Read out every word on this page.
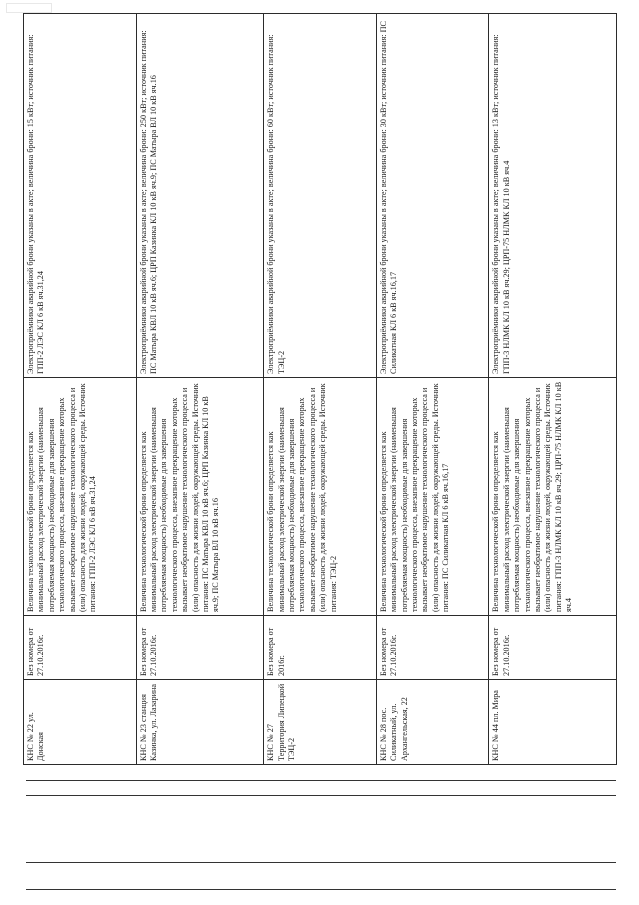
КНС № 22 ул. Донская	Без номера от 27.10.2016г.	Величина технологической брони определяется как минимальный расход электрической энергии (наименьшая потребляемая мощность) необходимые для завершения технологического процесса, внезапное прекращение которых вызывает необратимое нарушение технологического процесса и (или) опасность для жизни людей, окружающей среды. Источник питания: ГПП-2 ЛЭС КЛ 6 кВ яч.31,24	Электроприёмники аварийной брони указаны в акте; величина брони: 15 кВт; источник питания: ГПП-2 ЛЭС КЛ 6 кВ яч.31,24
КНС № 23 станция Казинка, ул. Лазарина	Без номера от 27.10.2016г.	Величина технологической брони определяется как минимальный расход электрической энергии (наименьшая потребляемая мощность) необходимые для завершения технологического процесса, внезапное прекращение которых вызывает необратимое нарушение технологического процесса и (или) опасность для жизни людей, окружающей среды. Источник питания: ПС Матыра КВЛ 10 кВ яч.6; ЦРП Казинка КЛ 10 кВ яч.9; ПС Матыра ВЛ 10 кВ яч.16	Электроприёмники аварийной брони указаны в акте; величина брони: 250 кВт; источник питания: ПС Матыра КВЛ 10 кВ яч.6; ЦРП Казинка КЛ 10 кВ яч.9; ПС Матыра ВЛ 10 кВ яч.16
КНС № 27 Территория Липецкой ТЭЦ-2	Без номера от 2016г.	Величина технологической брони определяется как минимальный расход электрической энергии (наименьшая потребляемая мощность) необходимые для завершения технологического процесса, внезапное прекращение которых вызывает необратимое нарушение технологического процесса и (или) опасность для жизни людей, окружающей среды. Источник питания: ТЭЦ-2	Электроприёмники аварийной брони указаны в акте; величина брони: 60 кВт; источник питания: ТЭЦ-2
КНС № 28 пос. Силикатный, ул. Архангельская, 22	Без номера от 27.10.2016г.	Величина технологической брони определяется как минимальный расход электрической энергии (наименьшая потребляемая мощность) необходимые для завершения технологического процесса, внезапное прекращение которых вызывает необратимое нарушение технологического процесса и (или) опасность для жизни людей, окружающей среды. Источник питания: ПС Силикатная КЛ 6 кВ яч.16,17	Электроприёмники аварийной брони указаны в акте; величина брони: 30 кВт; источник питания: ПС Силикатная КЛ 6 кВ яч.16,17
КНС № 44 пл. Мира	Без номера от 27.10.2016г.	Величина технологической брони определяется как минимальный расход электрической энергии (наименьшая потребляемая мощность) необходимые для завершения технологического процесса, внезапное прекращение которых вызывает необратимое нарушение технологического процесса и (или) опасность для жизни людей, окружающей среды. Источник питания: ГПП-3 НЛМК КЛ 10 кВ яч.29; ЦРП-75 НЛМК КЛ 10 кВ яч.4	Электроприёмники аварийной брони указаны в акте; величина брони: 13 кВт; источник питания: ГПП-3 НЛМК КЛ 10 кВ яч.29; ЦРП-75 НЛМК КЛ 10 кВ яч.4
